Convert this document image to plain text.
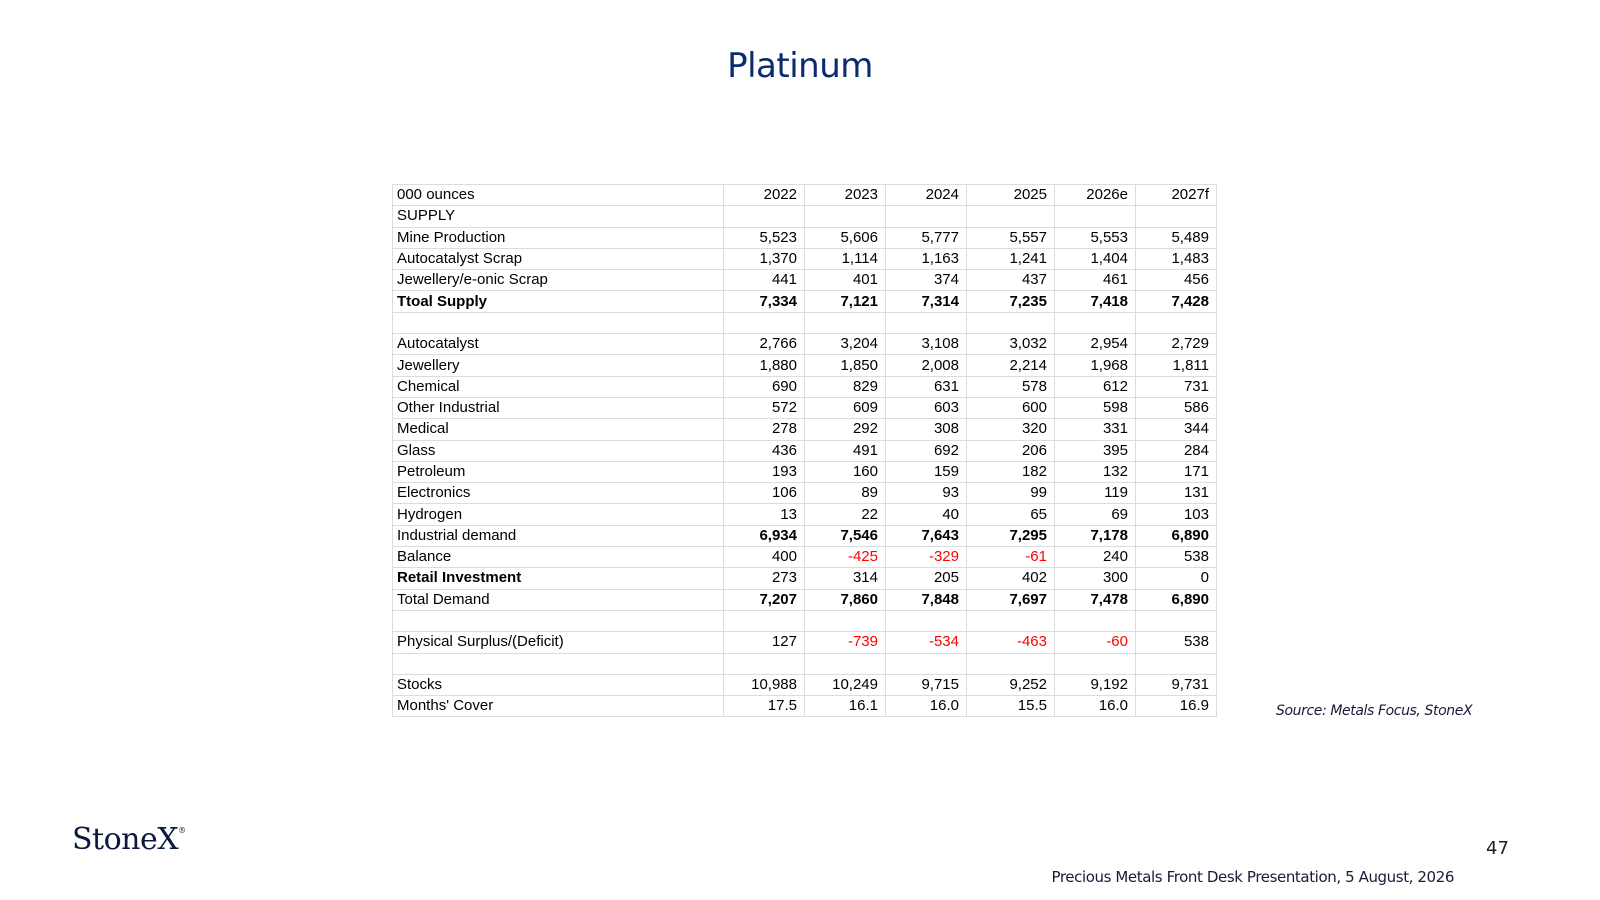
Platinum
000 ounces	2022	2023	2024	2025	2026e	2027f
SUPPLY						
Mine Production	5,523	5,606	5,777	5,557	5,553	5,489
Autocatalyst Scrap	1,370	1,114	1,163	1,241	1,404	1,483
Jewellery/e-onic Scrap	441	401	374	437	461	456
Ttoal Supply	7,334	7,121	7,314	7,235	7,418	7,428

Autocatalyst	2,766	3,204	3,108	3,032	2,954	2,729
Jewellery	1,880	1,850	2,008	2,214	1,968	1,811
Chemical	690	829	631	578	612	731
Other Industrial	572	609	603	600	598	586
Medical	278	292	308	320	331	344
Glass	436	491	692	206	395	284
Petroleum	193	160	159	182	132	171
Electronics	106	89	93	99	119	131
Hydrogen	13	22	40	65	69	103
Industrial demand	6,934	7,546	7,643	7,295	7,178	6,890
Balance	400	-425	-329	-61	240	538
Retail Investment	273	314	205	402	300	0
Total Demand	7,207	7,860	7,848	7,697	7,478	6,890

Physical Surplus/(Deficit)	127	-739	-534	-463	-60	538

Stocks	10,988	10,249	9,715	9,252	9,192	9,731
Months' Cover	17.5	16.1	16.0	15.5	16.0	16.9	Source: Metals Focus, StoneX
StoneX®
47
Precious Metals Front Desk Presentation, 5 August, 2026
